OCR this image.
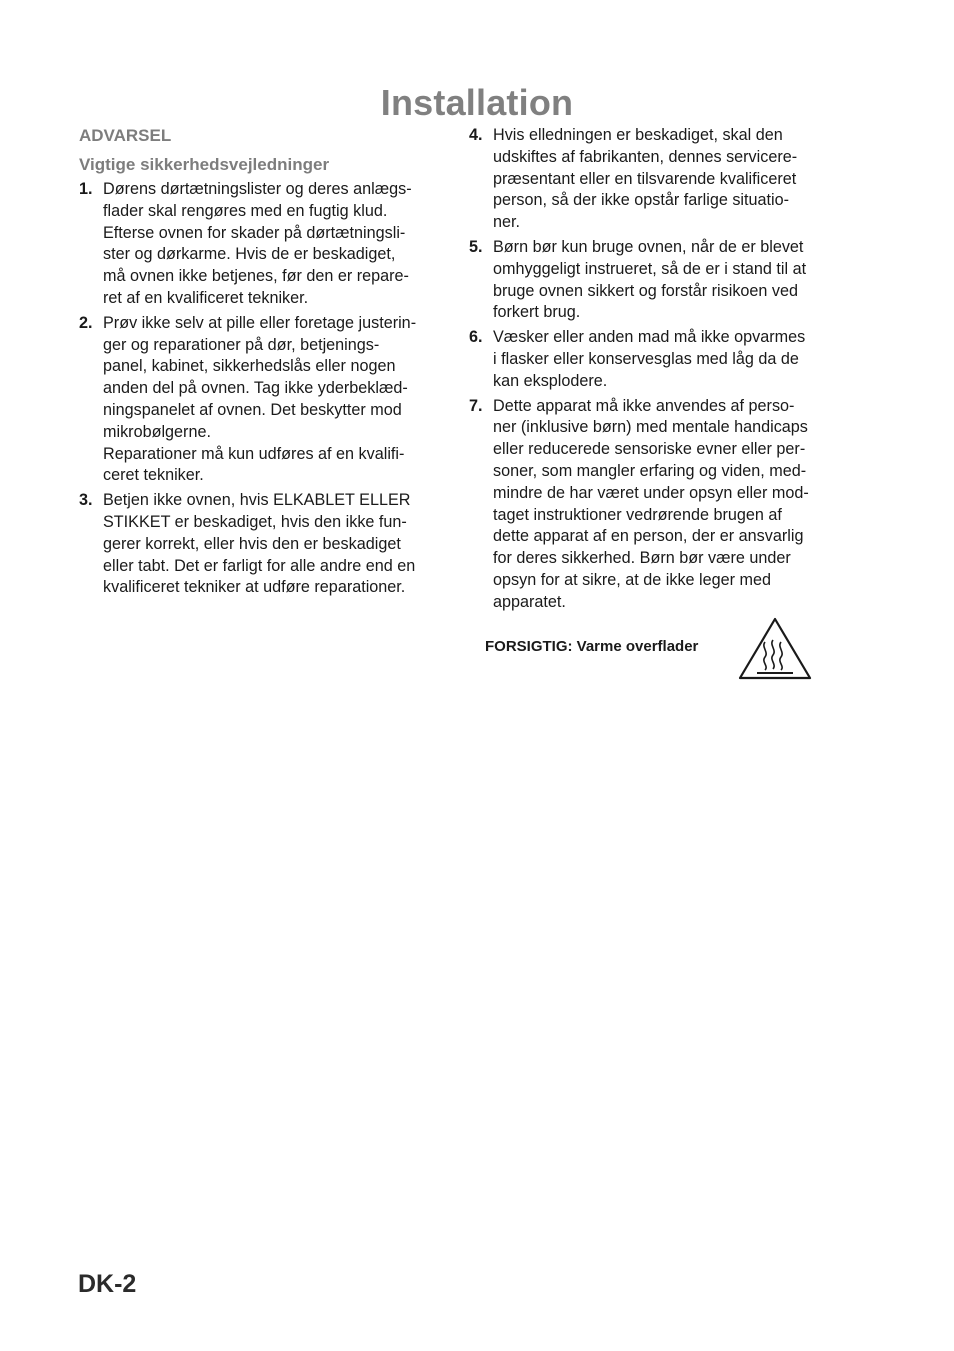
Installation
ADVARSEL
Vigtige sikkerhedsvejledninger
1. Dørens dørtætningslister og deres anlægs-
flader skal rengøres med en fugtig klud.
Efterse ovnen for skader på dørtætningsli-
ster og dørkarme. Hvis de er beskadiget,
må ovnen ikke betjenes, før den er repare-
ret af en kvalificeret tekniker.
2. Prøv ikke selv at pille eller foretage justerin-
ger og reparationer på dør, betjenings-
panel, kabinet, sikkerhedslås eller nogen
anden del på ovnen. Tag ikke yderbeklæd-
ningspanelet af ovnen. Det beskytter mod
mikrobølgerne.
Reparationer må kun udføres af en kvalifi-
ceret tekniker.
3. Betjen ikke ovnen, hvis ELKABLET ELLER
STIKKET er beskadiget, hvis den ikke fun-
gerer korrekt, eller hvis den er beskadiget
eller tabt. Det er farligt for alle andre end en
kvalificeret tekniker at udføre reparationer.
4. Hvis elledningen er beskadiget, skal den
udskiftes af fabrikanten, dennes servicere-
præsentant eller en tilsvarende kvalificeret
person, så der ikke opstår farlige situatio-
ner.
5. Børn bør kun bruge ovnen, når de er blevet
omhyggeligt instrueret, så de er i stand til at
bruge ovnen sikkert og forstår risikoen ved
forkert brug.
6. Væsker eller anden mad må ikke opvarmes
i flasker eller konservesglas med låg da de
kan eksplodere.
7. Dette apparat må ikke anvendes af perso-
ner (inklusive børn) med mentale handicaps
eller reducerede sensoriske evner eller per-
soner, som mangler erfaring og viden, med-
mindre de har været under opsyn eller mod-
taget instruktioner vedrørende brugen af
dette apparat af en person, der er ansvarlig
for deres sikkerhed. Børn bør være under
opsyn for at sikre, at de ikke leger med
apparatet.
FORSIGTIG: Varme overflader
DK-2
